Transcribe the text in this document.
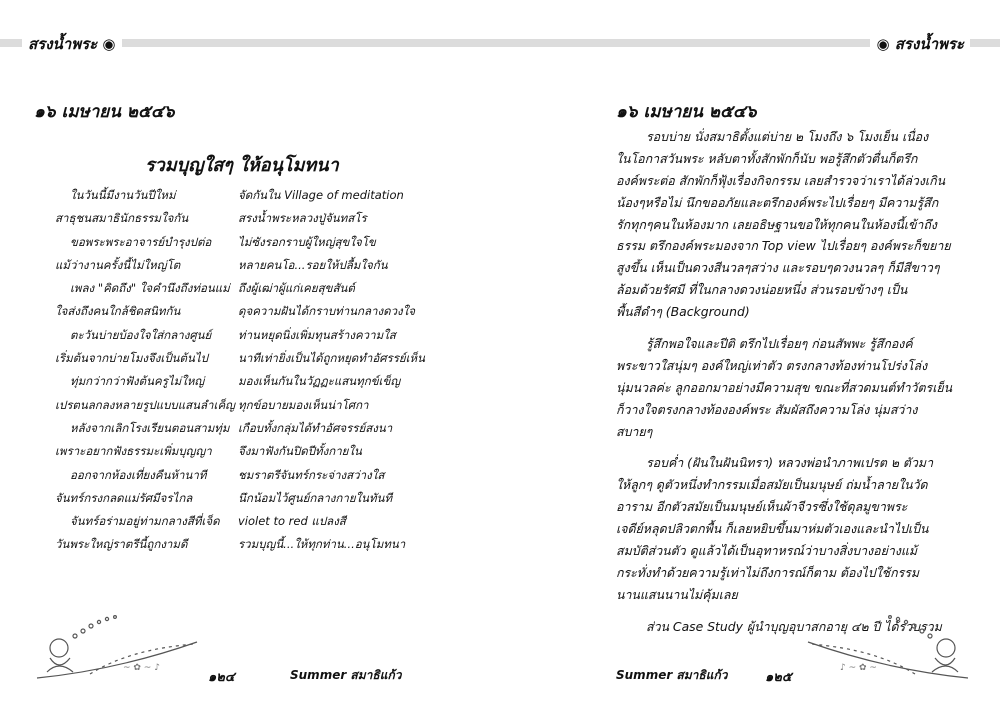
สรงน้ำพระ ◉	◉ สรงน้ำพระ
๑๖ เมษายน ๒๕๔๖
รวมบุญใสๆ ให้อนุโมทนา
ในวันนี้มีงานวันปีใหม่
สาธุชนสมาธินักธรรมใจกัน
ขอพระพระอาจารย์บำรุงปต่อ
แม้ว่างานครั้งนี้ไม่ใหญ่โต
เพลง "คิดถึง" ใจคำนึงถึงท่อนแม่
ใจส่งถึงคนใกล้ชิดสนิทกัน
ตะวันบ่ายบ้องใจใส่กลางศูนย์
เริ่มต้นจากบ่ายโมงจึงเป็นต้นไป
ทุ่มกว่ากว่าฟังต้นครูไม่ใหญ่
เปรตนลกลงหลายรูปแบบแสนลำเค็ญ
หลังจากเลิกโรงเรียนตอนสามทุ่ม
เพราะอยากฟังธรรมะเพิ่มบุญญา
ออกจากห้องเที่ยงคืนห้านาที
จันทร์กรงกลดแม่รัศมีจรไกล
จันทร์อร่ามอยู่ท่ามกลางสีที่เจ็ด
วันพระใหญ่ราตรีนี้ถูกงามดี
จัดกันใน Village of meditation
สรงน้ำพระหลวงปู่จันทสโร
ไม่ซังรอกราบผู้ใหญ่สุขใจโข
หลายคนโอ...รอยให้ปลื้มใจกัน
ถึงผู้เฒ่าผู้แก่เคยสุขสันต์
ดุจความฝันได้กราบท่านกลางดวงใจ
ท่านหยุดนิ่งเพิ่มทุนสร้างความใส
นาทีเท่ายิ่งเป็นได้ถูกหยุดทำอัศรรย์เห็น
มองเห็นกันในวัฏฏะแสนทุกข์เข็ญ
ทุกข์อบายมองเห็นน่าโศกา
เกือบทั้งกลุ่มได้ทำอัศจรรย์สงนา
จึงมาฟังกันปิดปีทั้งกายใน
ชมราตรีจันทร์กระจ่างสว่างใส
นึกน้อมไว้ศูนย์กลางกายในทันที
violet to red แปลงสี
รวมบุญนี้...ให้ทุกท่าน...อนุโมทนา
~ ✿ ~ ♪
๑๒๔	Summer สมาธิแก้ว
๑๖ เมษายน ๒๕๔๖
รอบบ่าย นั่งสมาธิตั้งแต่บ่าย ๒ โมงถึง ๖ โมงเย็น เนื่อง
ในโอกาสวันพระ หลับตาทั้งสักพักก็นับ พอรู้สึกตัวตื่นก็ตรึก
องค์พระต่อ สักพักก็ฟุ้งเรื่องกิจกรรม เลยสำรวจว่าเราได้ล่วงเกิน
น้องๆหรือไม่ นึกขออภัยและตรึกองค์พระไปเรื่อยๆ มีความรู้สึก
รักทุกๆคนในห้องมาก เลยอธิษฐานขอให้ทุกคนในห้องนี้เข้าถึง
ธรรม ตรึกองค์พระมองจาก Top view ไปเรื่อยๆ องค์พระก็ขยาย
สูงขึ้น เห็นเป็นดวงสีนวลๆสว่าง และรอบๆดวงนวลๆ ก็มีสีขาวๆ
ล้อมด้วยรัศมี ที่ในกลางดวงน่อยหนึ่ง ส่วนรอบข้างๆ เป็น
พื้นสีดำๆ (Background)
รู้สึกพอใจและปีติ ตรึกไปเรื่อยๆ ก่อนสัพพะ รู้สึกองค์
พระขาวใสนุ่มๆ องค์ใหญ่เท่าตัว ตรงกลางท้องท่านโปร่งโล่ง
นุ่มนวลค่ะ ลูกออกมาอย่างมีความสุข ขณะที่สวดมนต์ทำวัตรเย็น
ก็วางใจตรงกลางท้ององค์พระ สัมผัสถึงความโล่ง นุ่มสว่าง
สบายๆ
รอบค่ำ (ฝันในฝันนิทรา) หลวงพ่อนำภาพเปรต ๒ ตัวมา
ให้ลูกๆ ดูตัวหนึ่งทำกรรมเมื่อสมัยเป็นมนุษย์ ถ่มน้ำลายในวัด
อาราม อีกตัวสมัยเป็นมนุษย์เห็นผ้าจีวรซึ่งใช้ดุลมูขาพระ
เจดีย์หลุดปลิวตกพื้น ก็เลยหยิบขึ้นมาห่มตัวเองและนำไปเป็น
สมบัติส่วนตัว ดูแล้วได้เป็นอุทาหรณ์ว่าบางสิ่งบางอย่างแม้
กระทั่งทำด้วยความรู้เท่าไม่ถึงการณ์ก็ตาม ต้องไปใช้กรรม
นานแสนนานไม่คุ้มเลย
ส่วน Case Study ผู้นำบุญอุบาสกอายุ ๔๒ ปี ได้รวบรวม
Summer สมาธิแก้ว	๑๒๕
♪ ~ ✿ ~
